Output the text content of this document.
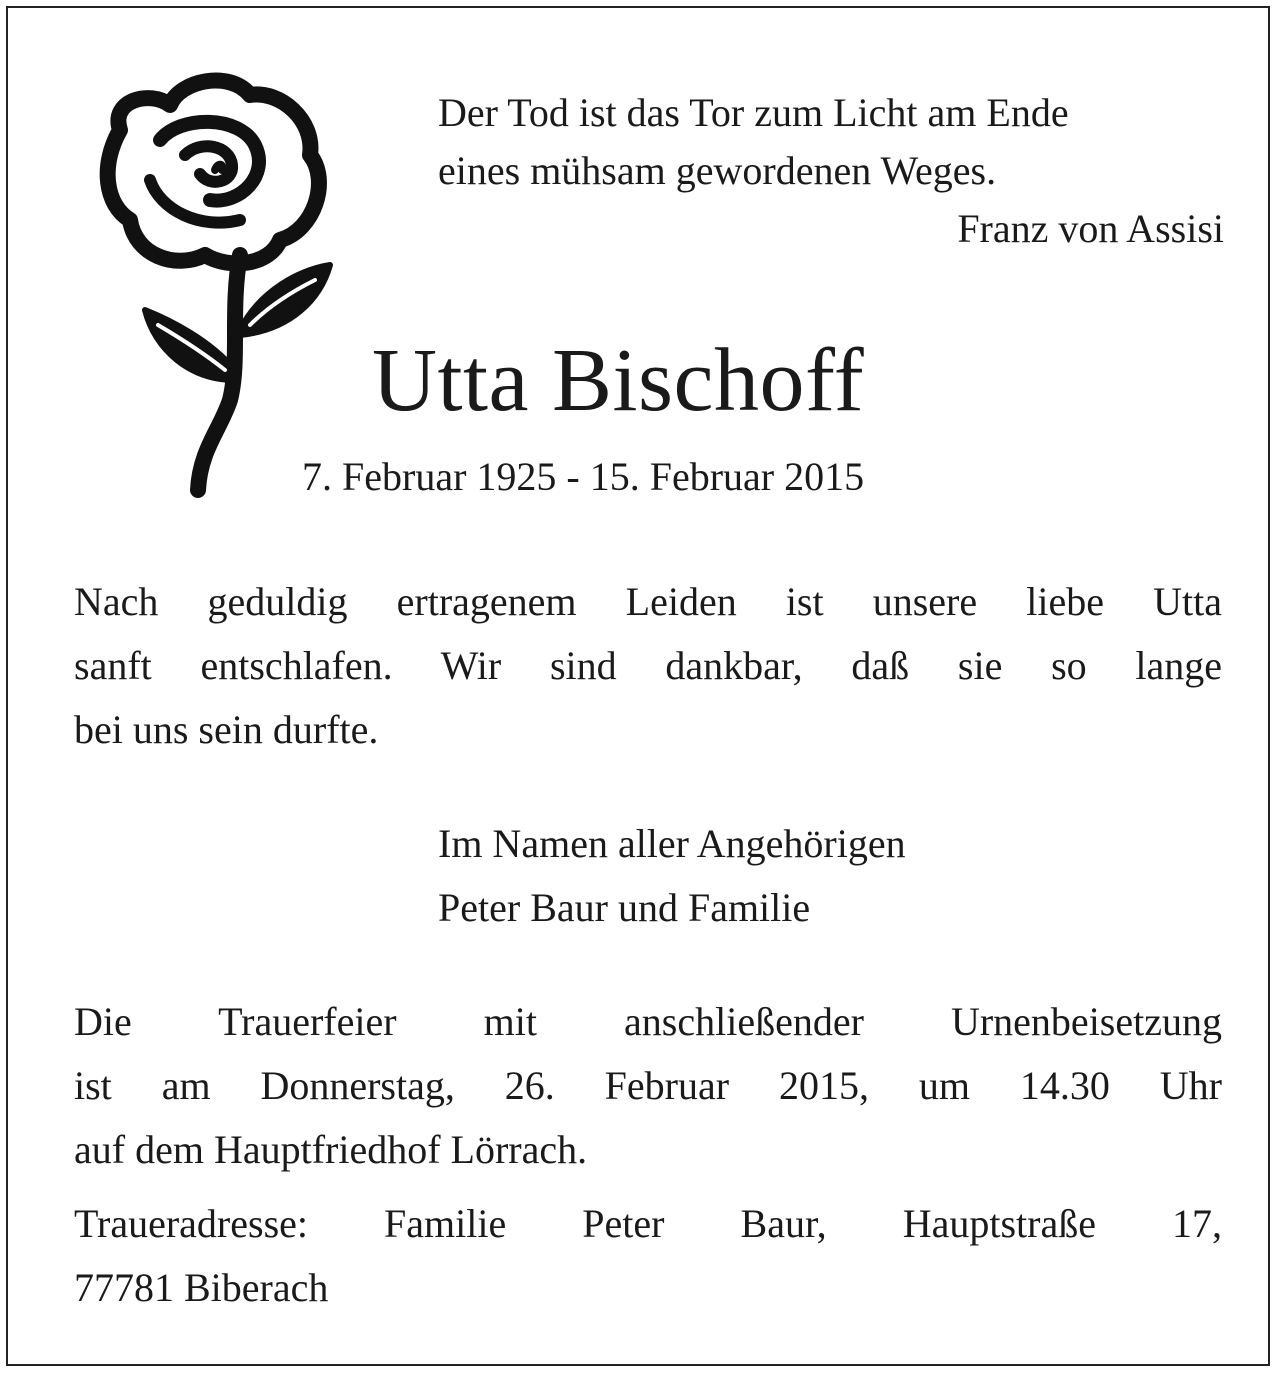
Der Tod ist das Tor zum Licht am Ende
eines mühsam gewordenen Weges.
Franz von Assisi
Utta Bischoff
7. Februar 1925 - 15. Februar 2015
Nach geduldig ertragenem Leiden ist unsere liebe Utta
sanft entschlafen. Wir sind dankbar, daß sie so lange
bei uns sein durfte.
Im Namen aller Angehörigen
Peter Baur und Familie
Die Trauerfeier mit anschließender Urnenbeisetzung
ist am Donnerstag, 26. Februar 2015, um 14.30 Uhr
auf dem Hauptfriedhof Lörrach.
Traueradresse: Familie Peter Baur, Hauptstraße 17,
77781 Biberach
